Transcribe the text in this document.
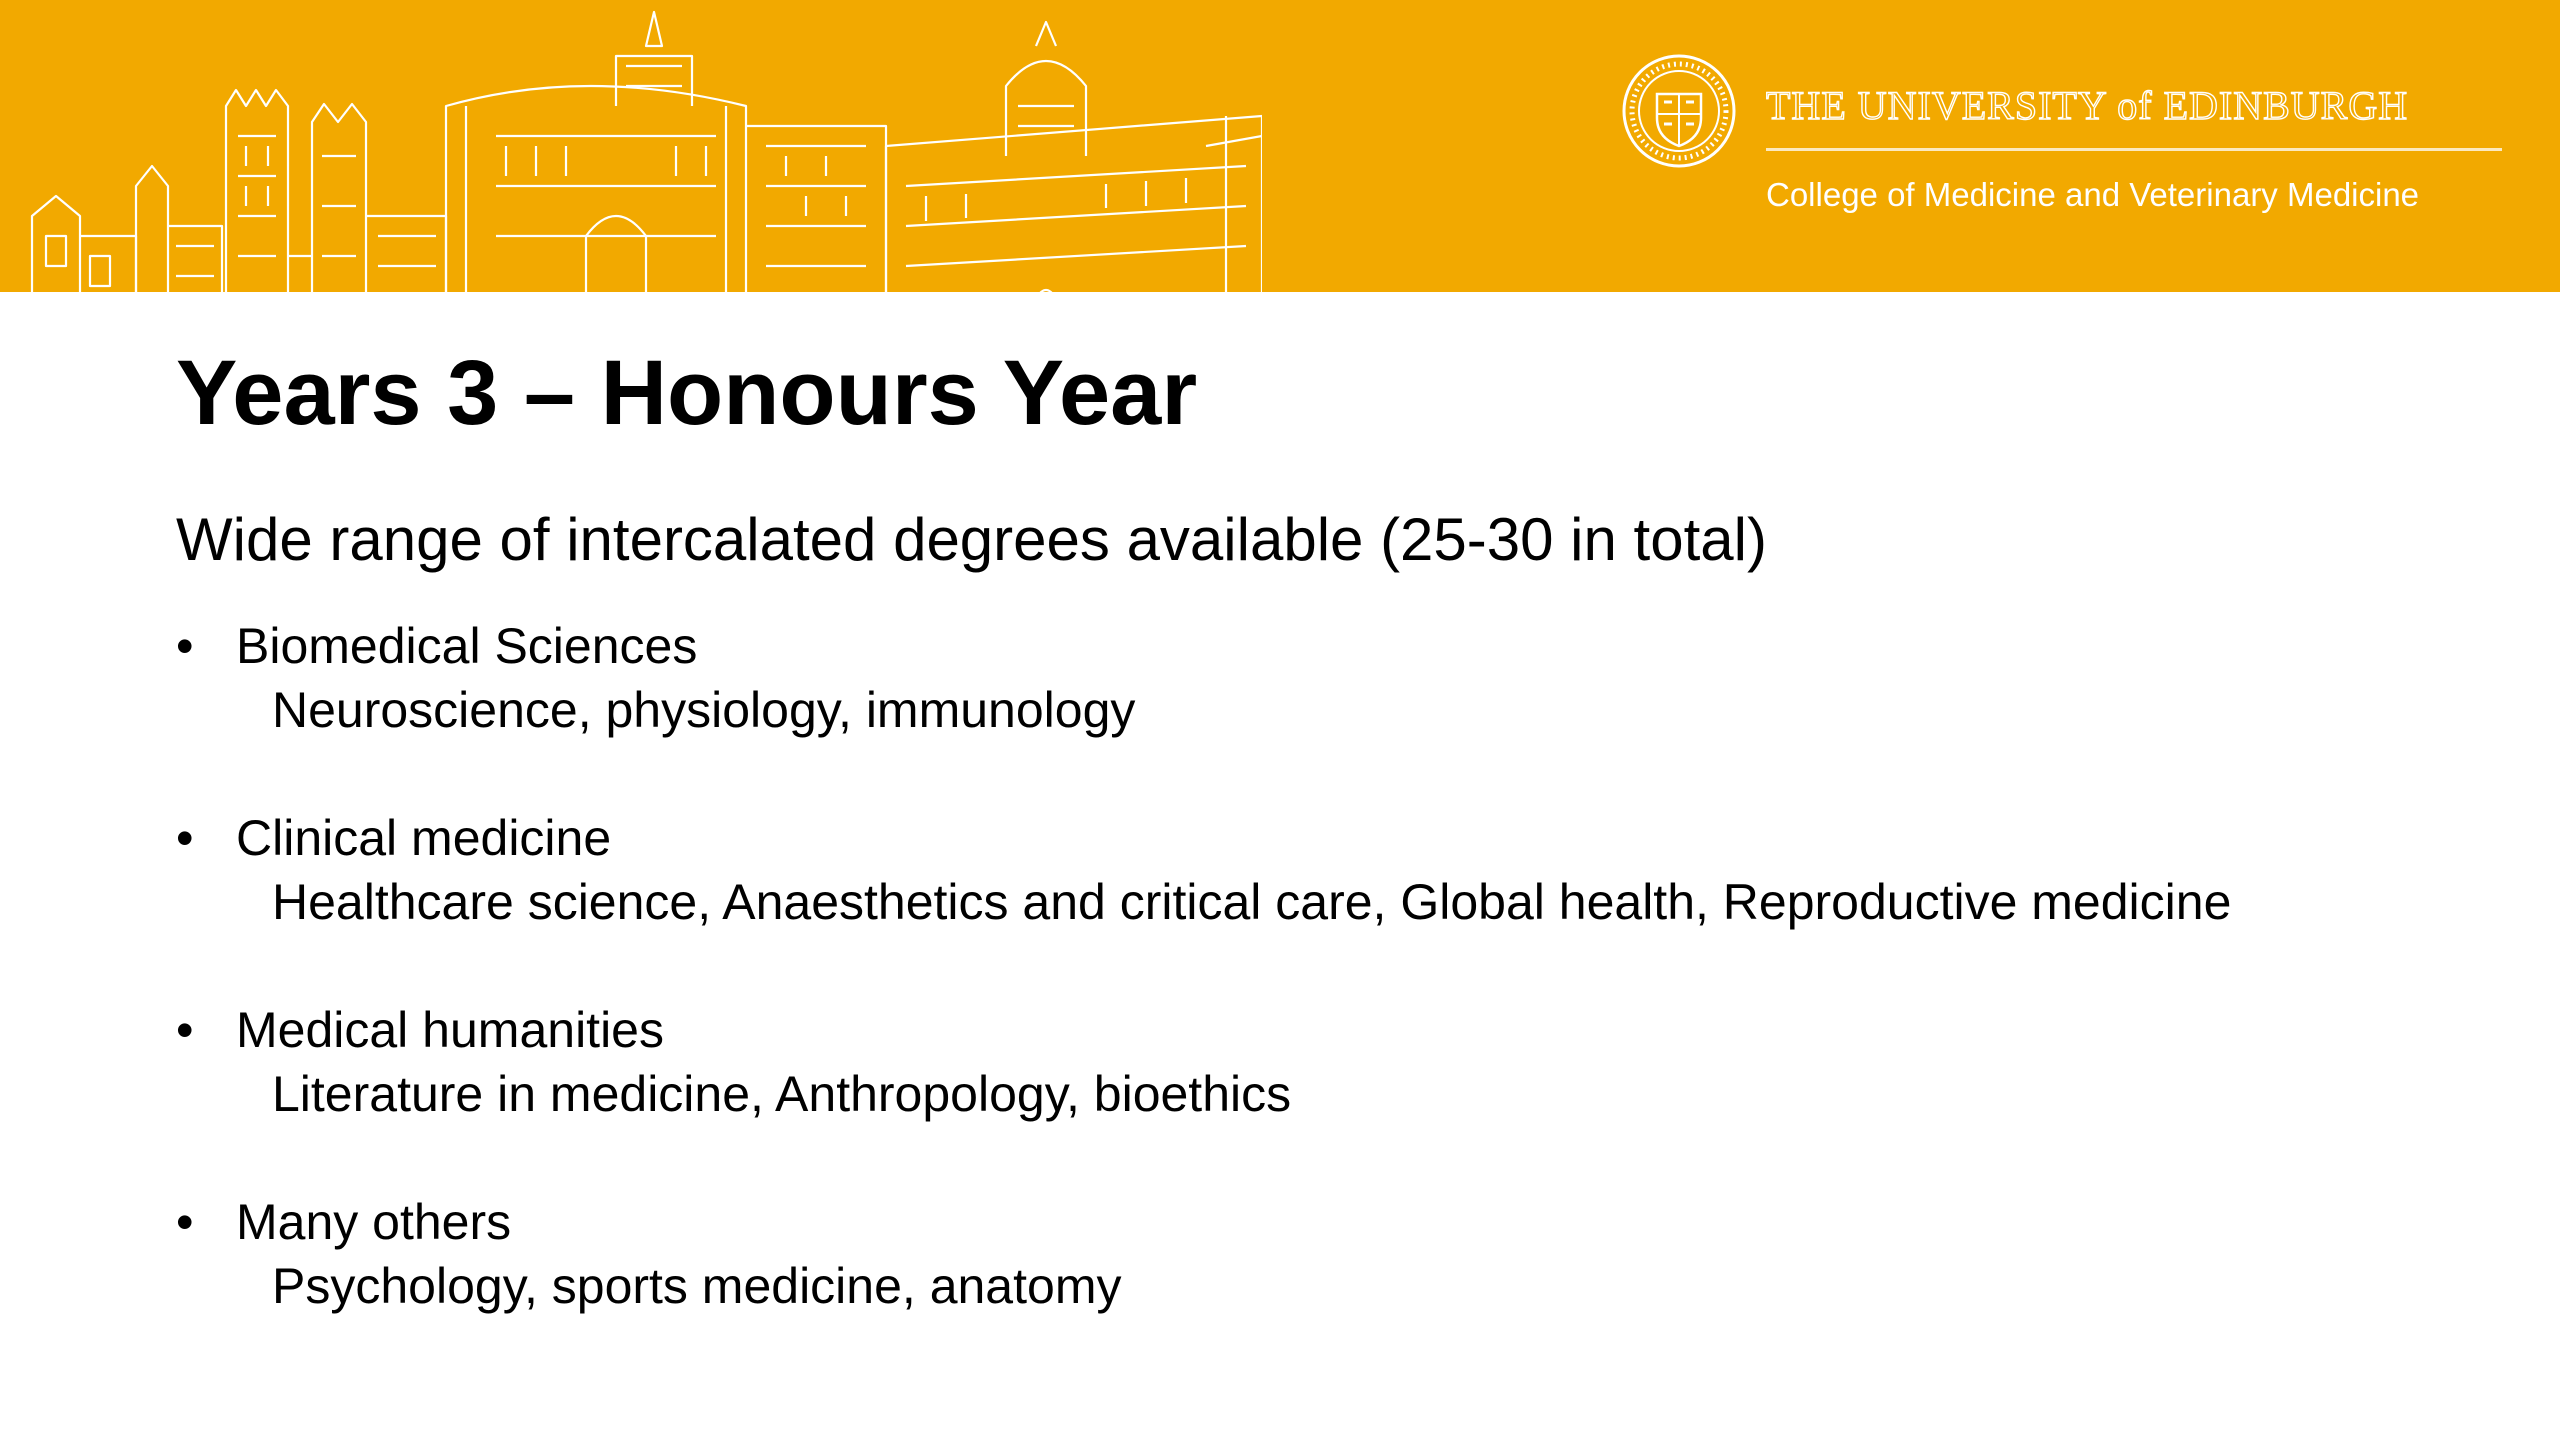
THE UNIVERSITY of EDINBURGH
College of Medicine and Veterinary Medicine
Years 3 – Honours Year
Wide range of intercalated degrees available (25-30 in total)
• Biomedical Sciences
Neuroscience, physiology, immunology
• Clinical medicine
Healthcare science, Anaesthetics and critical care, Global health, Reproductive medicine
• Medical humanities
Literature in medicine, Anthropology, bioethics
• Many others
Psychology, sports medicine, anatomy
